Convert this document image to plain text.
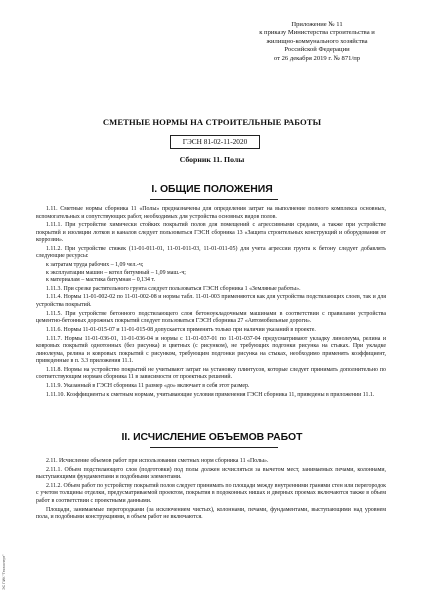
Приложение № 11
к приказу Министерства строительства и
жилищно-коммунального хозяйства
Российской Федерации
от 26 декабря 2019 г. № 871/пр
СМЕТНЫЕ НОРМЫ НА СТРОИТЕЛЬНЫЕ РАБОТЫ
ГЭСН 81-02-11-2020
Сборник 11. Полы
I. ОБЩИЕ ПОЛОЖЕНИЯ

1.11. Сметные нормы сборника 11 «Полы» предназначены для определения затрат на выполнение полного комплекса основных, вспомогательных и сопутствующих работ, необходимых для устройства основных видов полов.

1.11.1. При устройстве химически стойких покрытий полов для помещений с агрессивными средами, а также при устройстве покрытий и изоляции лотков и каналов следует пользоваться ГЭСН сборника 13 «Защита строительных конструкций и оборудования от коррозии».

1.11.2. При устройстве стяжек (11-01-011-01, 11-01-011-03, 11-01-011-05) для учета агрессии грунта к бетону следует добавлять следующие ресурсы:

к затратам труда рабочих – 1,09 чел.-ч;

к эксплуатации машин – котел битумный – 1,09 маш.-ч;

к материалам – мастика битумная – 0,134 т.

1.11.3. При срезке растительного грунта следует пользоваться ГЭСН сборника 1 «Земляные работы».

1.11.4. Нормы 11-01-002-02 по 11-01-002-08 и нормы табл. 11-01-003 применяются как для устройства подстилающих слоев, так и для устройства покрытий.

1.11.5. При устройстве бетонного подстилающего слоя бетоноукладочными машинами в соответствии с правилами устройства цементно-бетонных дорожных покрытий следует пользоваться ГЭСН сборника 27 «Автомобильные дороги».

1.11.6. Нормы 11-01-015-07 и 11-01-015-08 допускается применять только при наличии указаний в проекте.

1.11.7. Нормы 11-01-036-01, 11-01-036-04 и нормы с 11-01-037-01 по 11-01-037-04 предусматривают укладку линолеума, релина и ковровых покрытий однотонных (без рисунка) и цветных (с рисунком), не требующих подгонки рисунка на стыках. При укладке линолеума, релина и ковровых покрытий с рисунком, требующим подгонки рисунка на стыках, необходимо применять коэффициент, приведенные в п. 3.3 приложения 11.1.

1.11.8. Нормы на устройство покрытий не учитывают затрат на установку плинтусов, которые следует принимать дополнительно по соответствующим нормам сборника 11 в зависимости от проектных решений.

1.11.9. Указанный в ГЭСН сборника 11 размер «до» включает в себя этот размер.

1.11.10. Коэффициенты к сметным нормам, учитывающие условия применения ГЭСН сборника 11, приведены в приложении 11.1.

II. ИСЧИСЛЕНИЕ ОБЪЕМОВ РАБОТ

2.11. Исчисление объемов работ при использовании сметных норм сборника 11 «Полы».

2.11.1. Объем подстилающего слоя (подготовки) под полы должен исчисляться за вычетом мест, занимаемых печами, колоннами, выступающими фундаментами и подобными элементами.

2.11.2. Объем работ по устройству покрытий полов следует принимать по площади между внутренними гранями стен или перегородок с учетом толщины отделки, предусматриваемой проектом, покрытия в подоконных нишах и дверных проемах включаются также в объем работ в соответствии с проектными данными.

Площади, занимаемые перегородками (за исключением чистых), колоннами, печами, фундаментами, выступающими над уровнем пола, и подобными конструкциями, в объем работ не включаются.

ЭС ПИК "Техэксперт"
